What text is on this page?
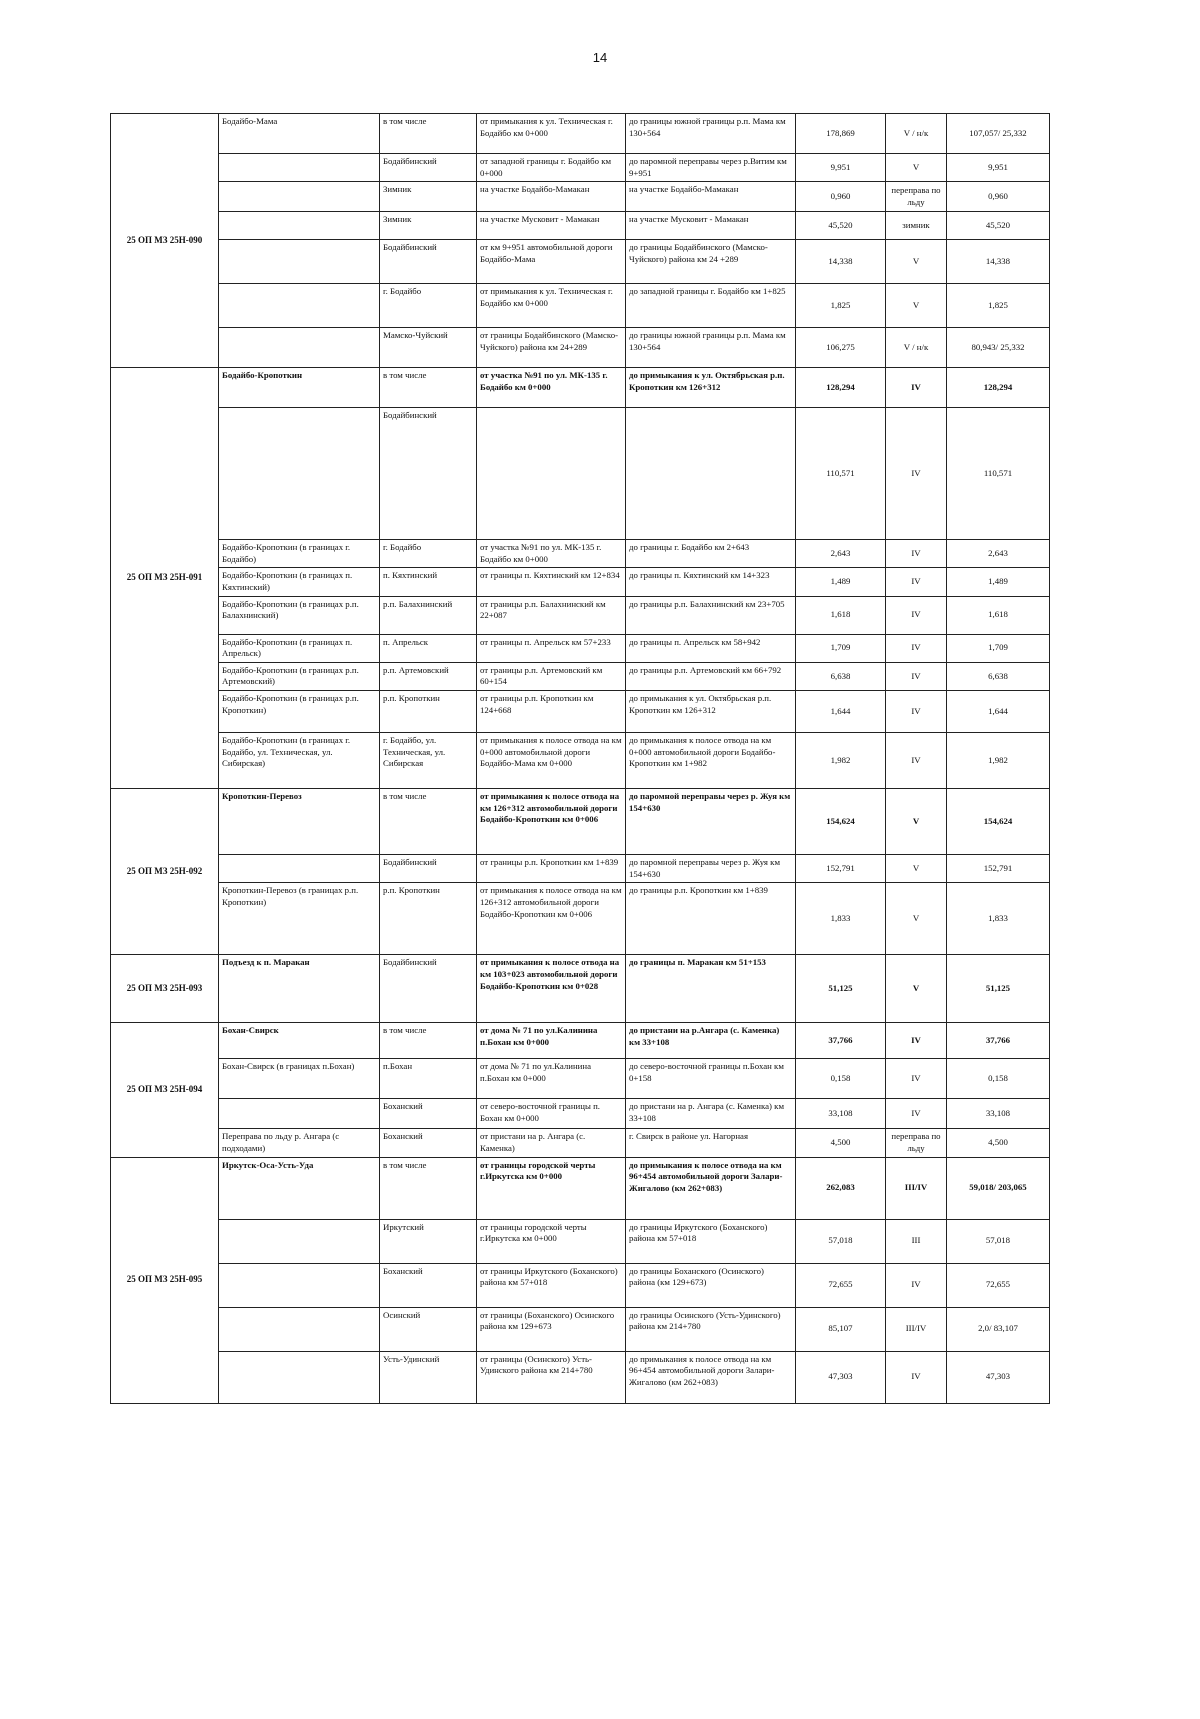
14
25 ОП МЗ 25Н-090	Бодайбо-Мама	в том числе	от примыкания к ул. Техническая г. Бодайбо км 0+000	до границы южной границы р.п. Мама км 130+564	178,869	V / н/к	107,057/ 25,332
		Бодайбинский	от западной границы г. Бодайбо км 0+000	до паромной переправы через р.Витим км 9+951	9,951	V	9,951
		Зимник	на участке Бодайбо-Мамакан	на участке Бодайбо-Мамакан	0,960	переправа по льду	0,960
		Зимник	на участке Мусковит - Мамакан	на участке Мусковит - Мамакан	45,520	зимник	45,520
		Бодайбинский	от км 9+951 автомобильной дороги Бодайбо-Мама	до границы Бодайбинского (Мамско-Чуйского) района км 24 +289	14,338	V	14,338
		г. Бодайбо	от примыкания к ул. Техническая г. Бодайбо км 0+000	до западной границы г. Бодайбо км 1+825	1,825	V	1,825
		Мамско-Чуйский	от границы Бодайбинского (Мамско-Чуйского) района км 24+289	до границы южной границы р.п. Мама км 130+564	106,275	V / н/к	80,943/ 25,332
25 ОП МЗ 25Н-091	Бодайбо-Кропоткин	в том числе	от участка №91 по ул. МК-135 г. Бодайбо км 0+000	до примыкания к ул. Октябрьская р.п. Кропоткин км 126+312	128,294	IV	128,294
		Бодайбинский			110,571	IV	110,571
	Бодайбо-Кропоткин (в границах г. Бодайбо)	г. Бодайбо	от участка №91 по ул. МК-135 г. Бодайбо км 0+000	до границы г. Бодайбо км 2+643	2,643	IV	2,643
	Бодайбо-Кропоткин (в границах п. Кяхтинский)	п. Кяхтинский	от границы п. Кяхтинский км 12+834	до границы п. Кяхтинский км 14+323	1,489	IV	1,489
	Бодайбо-Кропоткин (в границах р.п. Балахнинский)	р.п. Балахнинский	от границы р.п. Балахнинский км 22+087	до границы р.п. Балахнинский км 23+705	1,618	IV	1,618
	Бодайбо-Кропоткин (в границах п. Апрельск)	п. Апрельск	от границы п. Апрельск км 57+233	до границы п. Апрельск км 58+942	1,709	IV	1,709
	Бодайбо-Кропоткин (в границах р.п. Артемовский)	р.п. Артемовский	от границы р.п. Артемовский км 60+154	до границы р.п. Артемовский км 66+792	6,638	IV	6,638
	Бодайбо-Кропоткин (в границах р.п. Кропоткин)	р.п. Кропоткин	от границы р.п. Кропоткин км 124+668	до примыкания к ул. Октябрьская р.п. Кропоткин км 126+312	1,644	IV	1,644
	Бодайбо-Кропоткин (в границах г. Бодайбо, ул. Техническая, ул. Сибирская)	г. Бодайбо, ул. Техническая, ул. Сибирская	от примыкания к полосе отвода на км 0+000 автомобильной дороги Бодайбо-Мама км 0+000	до примыкания к полосе отвода на км 0+000 автомобильной дороги Бодайбо-Кропоткин км 1+982	1,982	IV	1,982
25 ОП МЗ 25Н-092	Кропоткин-Перевоз	в том числе	от примыкания к полосе отвода на км 126+312 автомобильной дороги Бодайбо-Кропоткин км 0+006	до паромной переправы через р. Жуя км 154+630	154,624	V	154,624
		Бодайбинский	от границы р.п. Кропоткин км 1+839	до паромной переправы через р. Жуя км 154+630	152,791	V	152,791
	Кропоткин-Перевоз (в границах р.п. Кропоткин)	р.п. Кропоткин	от примыкания к полосе отвода на км 126+312 автомобильной дороги Бодайбо-Кропоткин км 0+006	до границы р.п. Кропоткин км 1+839	1,833	V	1,833
25 ОП МЗ 25Н-093	Подъезд к п. Маракан	Бодайбинский	от примыкания к полосе отвода на км 103+023 автомобильной дороги Бодайбо-Кропоткин км 0+028	до границы п. Маракан км 51+153	51,125	V	51,125
25 ОП МЗ 25Н-094	Бохан-Свирск	в том числе	от дома № 71 по ул.Калинина п.Бохан км 0+000	до пристани на р.Ангара (с. Каменка) км 33+108	37,766	IV	37,766
	Бохан-Свирск (в границах п.Бохан)	п.Бохан	от дома № 71 по ул.Калинина п.Бохан км 0+000	до северо-восточной границы п.Бохан км 0+158	0,158	IV	0,158
		Боханский	от северо-восточной границы п. Бохан км 0+000	до пристани на р. Ангара (с. Каменка) км 33+108	33,108	IV	33,108
	Переправа по льду р. Ангара (с подходами)	Боханский	от пристани на р. Ангара (с. Каменка)	г. Свирск в районе ул. Нагорная	4,500	переправа по льду	4,500
25 ОП МЗ 25Н-095	Иркутск-Оса-Усть-Уда	в том числе	от границы городской черты г.Иркутска км 0+000	до примыкания к полосе отвода на км 96+454 автомобильной дороги Залари-Жигалово (км 262+083)	262,083	III/IV	59,018/ 203,065
		Иркутский	от границы городской черты г.Иркутска км 0+000	до границы Иркутского (Боханского) района км 57+018	57,018	III	57,018
		Боханский	от границы Иркутского (Боханского) района км 57+018	до границы Боханского (Осинского) района (км 129+673)	72,655	IV	72,655
		Осинский	от границы (Боханского) Осинского района км 129+673	до границы Осинского (Усть-Удинского) района км 214+780	85,107	III/IV	2,0/ 83,107
		Усть-Удинский	от границы (Осинского) Усть-Удинского района км 214+780	до примыкания к полосе отвода на км 96+454 автомобильной дороги Залари-Жигалово (км 262+083)	47,303	IV	47,303
